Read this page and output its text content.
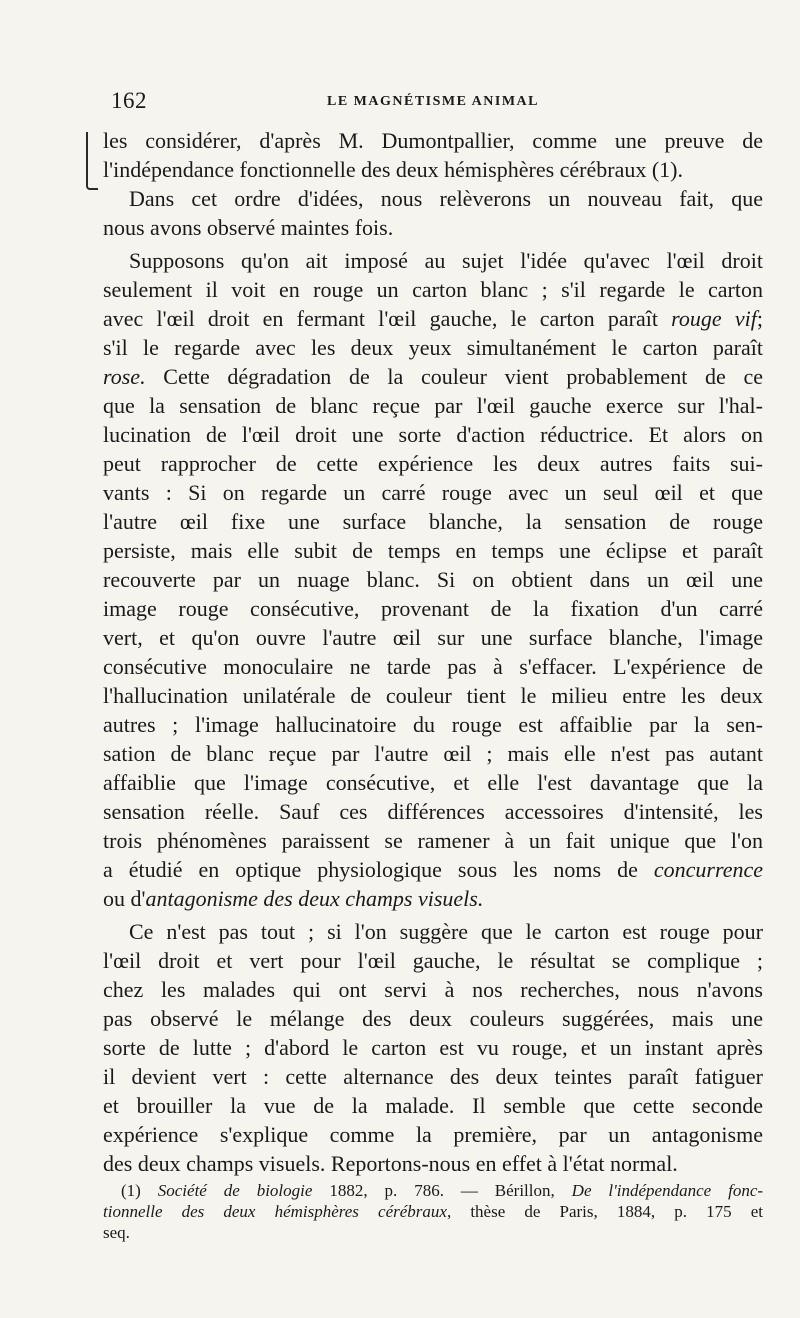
162	LE MAGNÉTISME ANIMAL
les considérer, d'après M. Dumontpallier, comme une preuve de
l'indépendance fonctionnelle des deux hémisphères cérébraux (1).
Dans cet ordre d'idées, nous relèverons un nouveau fait, que
nous avons observé maintes fois.
Supposons qu'on ait imposé au sujet l'idée qu'avec l'œil droit
seulement il voit en rouge un carton blanc ; s'il regarde le carton
avec l'œil droit en fermant l'œil gauche, le carton paraît rouge vif;
s'il le regarde avec les deux yeux simultanément le carton paraît
rose. Cette dégradation de la couleur vient probablement de ce
que la sensation de blanc reçue par l'œil gauche exerce sur l'hal-
lucination de l'œil droit une sorte d'action réductrice. Et alors on
peut rapprocher de cette expérience les deux autres faits sui-
vants : Si on regarde un carré rouge avec un seul œil et que
l'autre œil fixe une surface blanche, la sensation de rouge
persiste, mais elle subit de temps en temps une éclipse et paraît
recouverte par un nuage blanc. Si on obtient dans un œil une
image rouge consécutive, provenant de la fixation d'un carré
vert, et qu'on ouvre l'autre œil sur une surface blanche, l'image
consécutive monoculaire ne tarde pas à s'effacer. L'expérience de
l'hallucination unilatérale de couleur tient le milieu entre les deux
autres ; l'image hallucinatoire du rouge est affaiblie par la sen-
sation de blanc reçue par l'autre œil ; mais elle n'est pas autant
affaiblie que l'image consécutive, et elle l'est davantage que la
sensation réelle. Sauf ces différences accessoires d'intensité, les
trois phénomènes paraissent se ramener à un fait unique que l'on
a étudié en optique physiologique sous les noms de concurrence
ou d'antagonisme des deux champs visuels.
Ce n'est pas tout ; si l'on suggère que le carton est rouge pour
l'œil droit et vert pour l'œil gauche, le résultat se complique ;
chez les malades qui ont servi à nos recherches, nous n'avons
pas observé le mélange des deux couleurs suggérées, mais une
sorte de lutte ; d'abord le carton est vu rouge, et un instant après
il devient vert : cette alternance des deux teintes paraît fatiguer
et brouiller la vue de la malade. Il semble que cette seconde
expérience s'explique comme la première, par un antagonisme
des deux champs visuels. Reportons-nous en effet à l'état normal.
(1) Société de biologie 1882, p. 786. — Bérillon, De l'indépendance fonc-
tionnelle des deux hémisphères cérébraux, thèse de Paris, 1884, p. 175 et
seq.
